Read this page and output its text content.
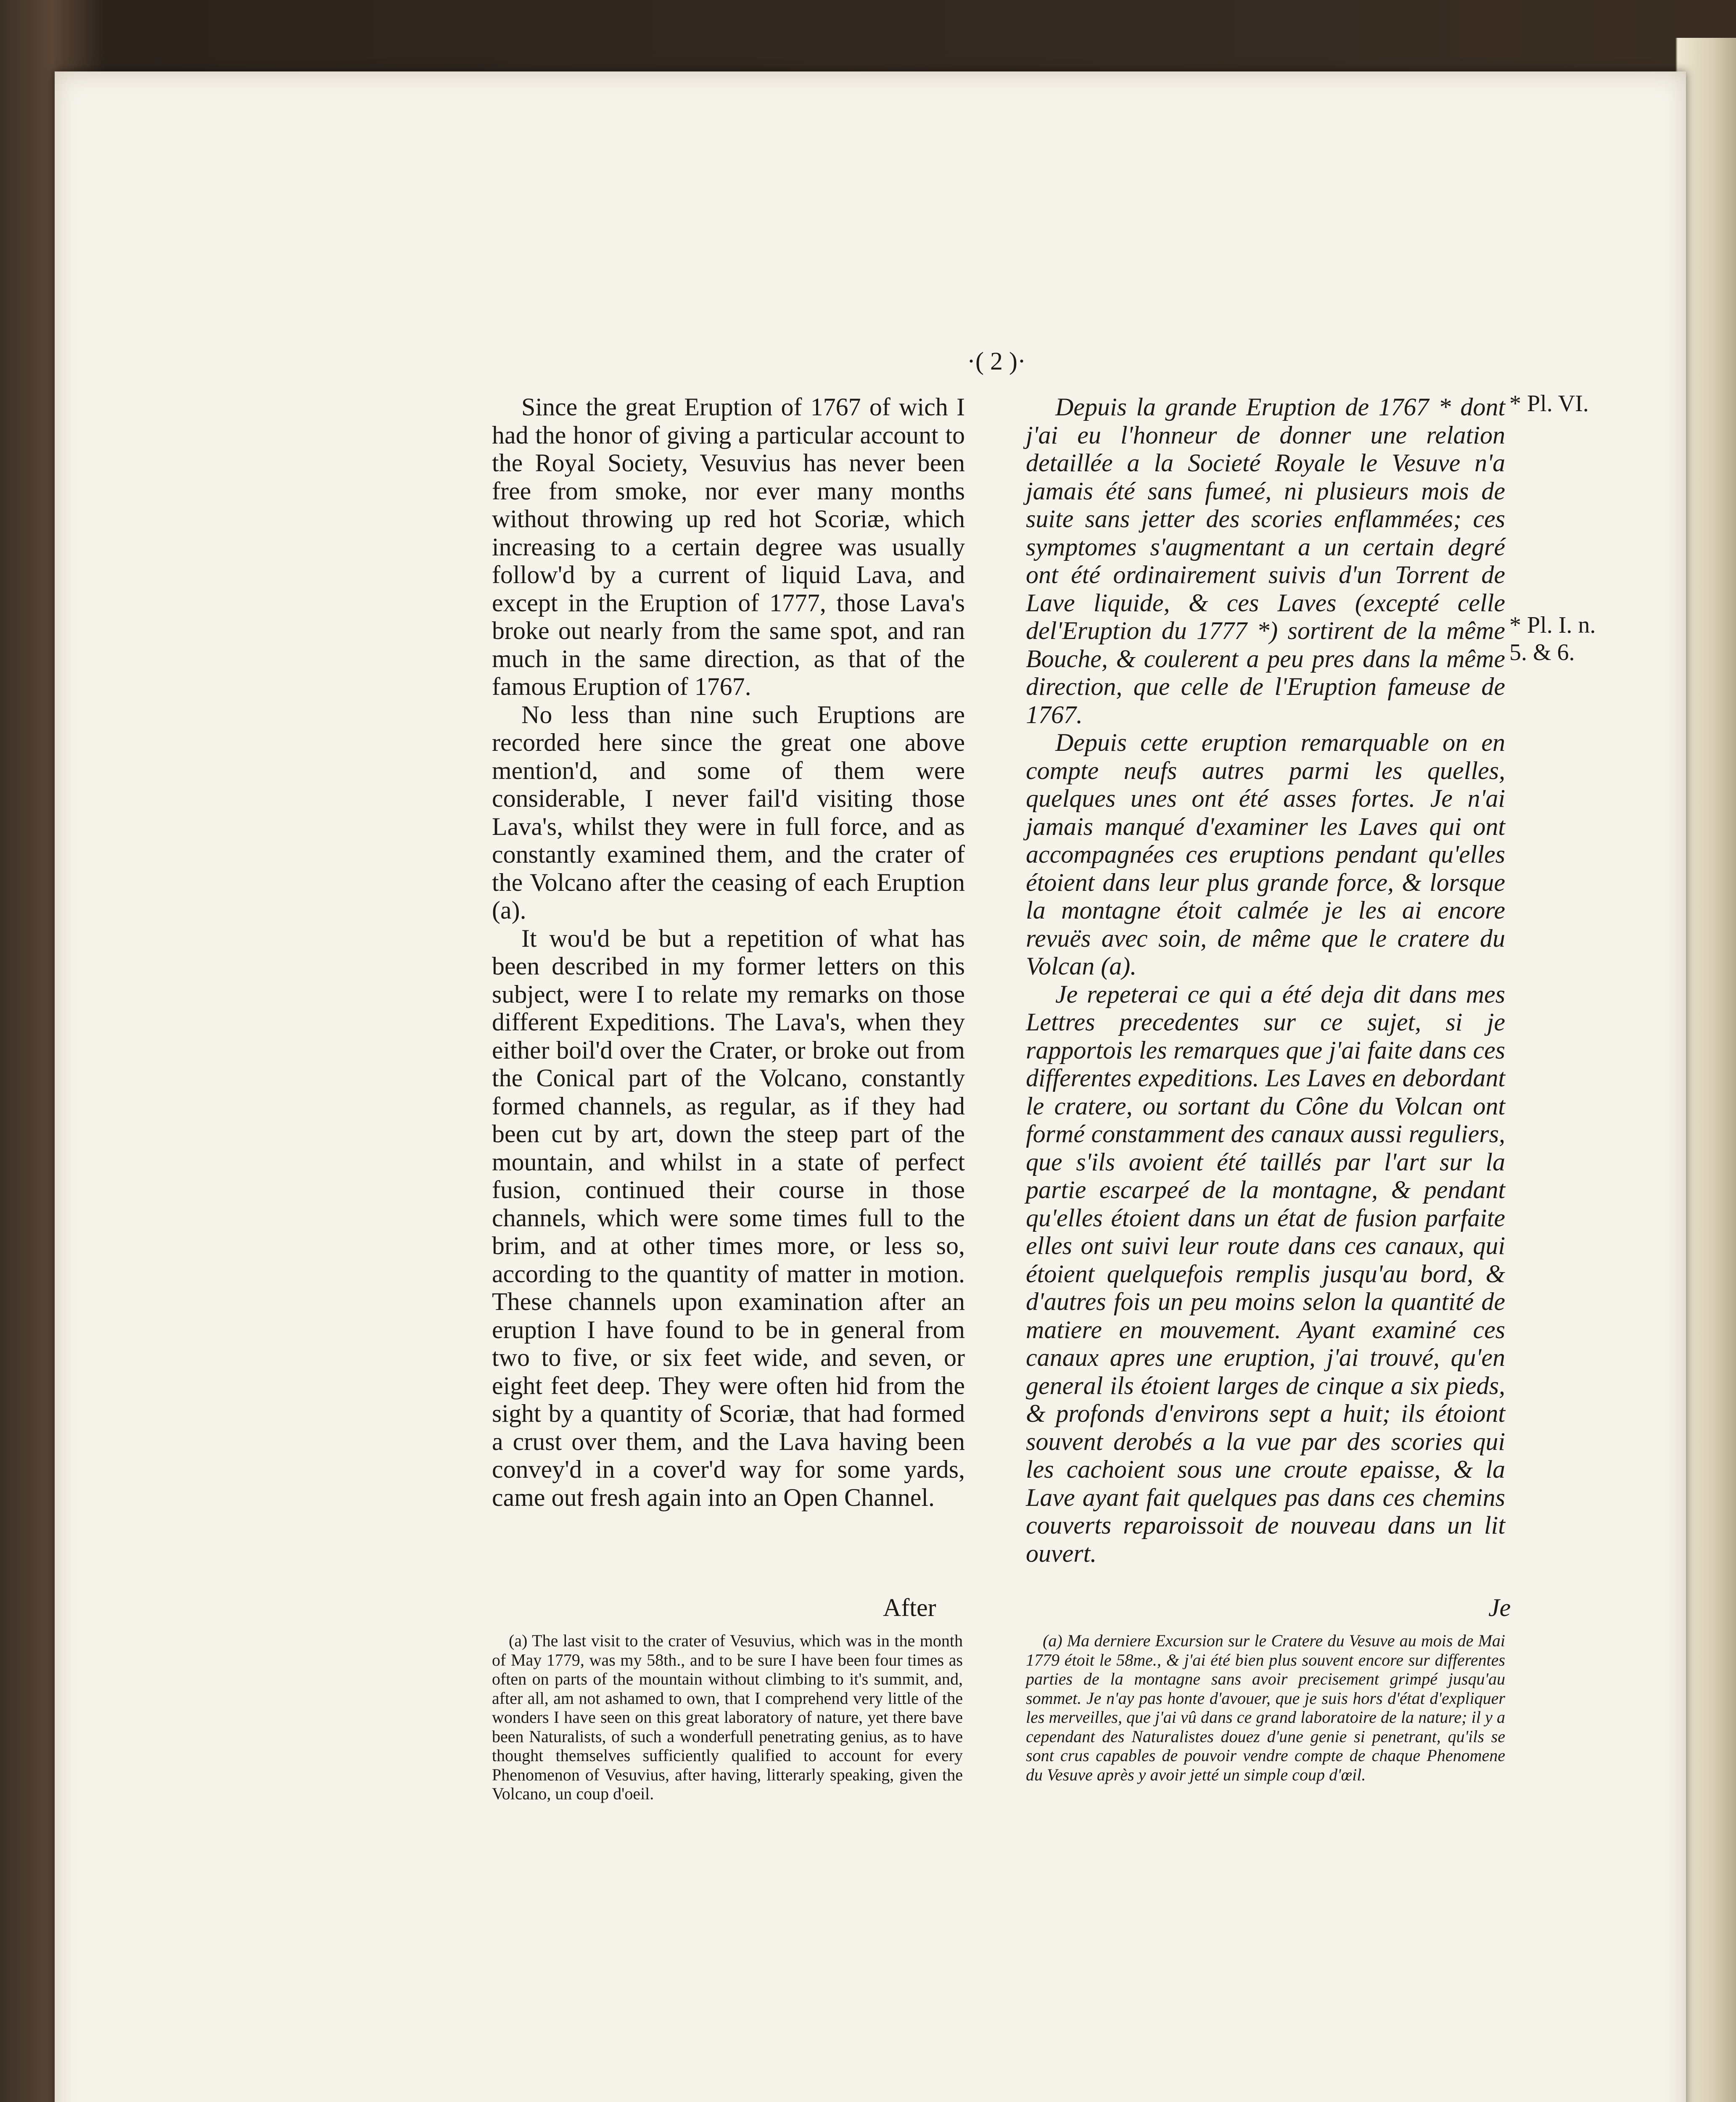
·( 2 )·

Since the great Eruption of 1767 of wich I had the honor of giving a particular account to the Royal Society, Vesuvius has never been free from smoke, nor ever many months without throwing up red hot Scoriæ, which increasing to a certain degree was usually follow'd by a current of liquid Lava, and except in the Eruption of 1777, those Lava's broke out nearly from the same spot, and ran much in the same direction, as that of the famous Eruption of 1767.

No less than nine such Eruptions are recorded here since the great one above mention'd, and some of them were considerable, I never fail'd visiting those Lava's, whilst they were in full force, and as constantly examined them, and the crater of the Volcano after the ceasing of each Eruption (a).

It wou'd be but a repetition of what has been described in my former letters on this subject, were I to relate my remarks on those different Expeditions. The Lava's, when they either boil'd over the Crater, or broke out from the Conical part of the Volcano, constantly formed channels, as regular, as if they had been cut by art, down the steep part of the mountain, and whilst in a state of perfect fusion, continued their course in those channels, which were some times full to the brim, and at other times more, or less so, according to the quantity of matter in motion. These channels upon examination after an eruption I have found to be in general from two to five, or six feet wide, and seven, or eight feet deep. They were often hid from the sight by a quantity of Scoriæ, that had formed a crust over them, and the Lava having been convey'd in a cover'd way for some yards, came out fresh again into an Open Channel.

Depuis la grande Eruption de 1767 * dont j'ai eu l'honneur de donner une relation detaillée a la Societé Royale le Vesuve n'a jamais été sans fumeé, ni plusieurs mois de suite sans jetter des scories enflammées; ces symptomes s'augmentant a un certain degré ont été ordinairement suivis d'un Torrent de Lave liquide, & ces Laves (excepté celle del'Eruption du 1777 *) sortirent de la même Bouche, & coulerent a peu pres dans la même direction, que celle de l'Eruption fameuse de 1767.

Depuis cette eruption remarquable on en compte neufs autres parmi les quelles, quelques unes ont été asses fortes. Je n'ai jamais manqué d'examiner les Laves qui ont accompagnées ces eruptions pendant qu'elles étoient dans leur plus grande force, & lorsque la montagne étoit calmée je les ai encore revuës avec soin, de même que le cratere du Volcan (a).

Je repeterai ce qui a été deja dit dans mes Lettres precedentes sur ce sujet, si je rapportois les remarques que j'ai faite dans ces differentes expeditions. Les Laves en debordant le cratere, ou sortant du Cône du Volcan ont formé constamment des canaux aussi reguliers, que s'ils avoient été taillés par l'art sur la partie escarpeé de la montagne, & pendant qu'elles étoient dans un état de fusion parfaite elles ont suivi leur route dans ces canaux, qui étoient quelquefois remplis jusqu'au bord, & d'autres fois un peu moins selon la quantité de matiere en mouvement. Ayant examiné ces canaux apres une eruption, j'ai trouvé, qu'en general ils étoient larges de cinque a six pieds, & profonds d'environs sept a huit; ils étoiont souvent derobés a la vue par des scories qui les cachoient sous une croute epaisse, & la Lave ayant fait quelques pas dans ces chemins couverts reparoissoit de nouveau dans un lit ouvert.

After	Je

(a) The last visit to the crater of Vesuvius, which was in the month of May 1779, was my 58th., and to be sure I have been four times as often on parts of the mountain without climbing to it's summit, and, after all, am not ashamed to own, that I comprehend very little of the wonders I have seen on this great laboratory of nature, yet there bave been Naturalists, of such a wonderfull penetrating genius, as to have thought themselves sufficiently qualified to account for every Phenomenon of Vesuvius, after having, litterarly speaking, given the Volcano, un coup d'oeil.

(a) Ma derniere Excursion sur le Cratere du Vesuve au mois de Mai 1779 étoit le 58me., & j'ai été bien plus souvent encore sur differentes parties de la montagne sans avoir precisement grimpé jusqu'au sommet. Je n'ay pas honte d'avouer, que je suis hors d'état d'expliquer les merveilles, que j'ai vû dans ce grand laboratoire de la nature; il y a cependant des Naturalistes douez d'une genie si penetrant, qu'ils se sont crus capables de pouvoir vendre compte de chaque Phenomene du Vesuve après y avoir jetté un simple coup d'œil.

* Pl. VI.
* Pl. I. n.
5. & 6.
